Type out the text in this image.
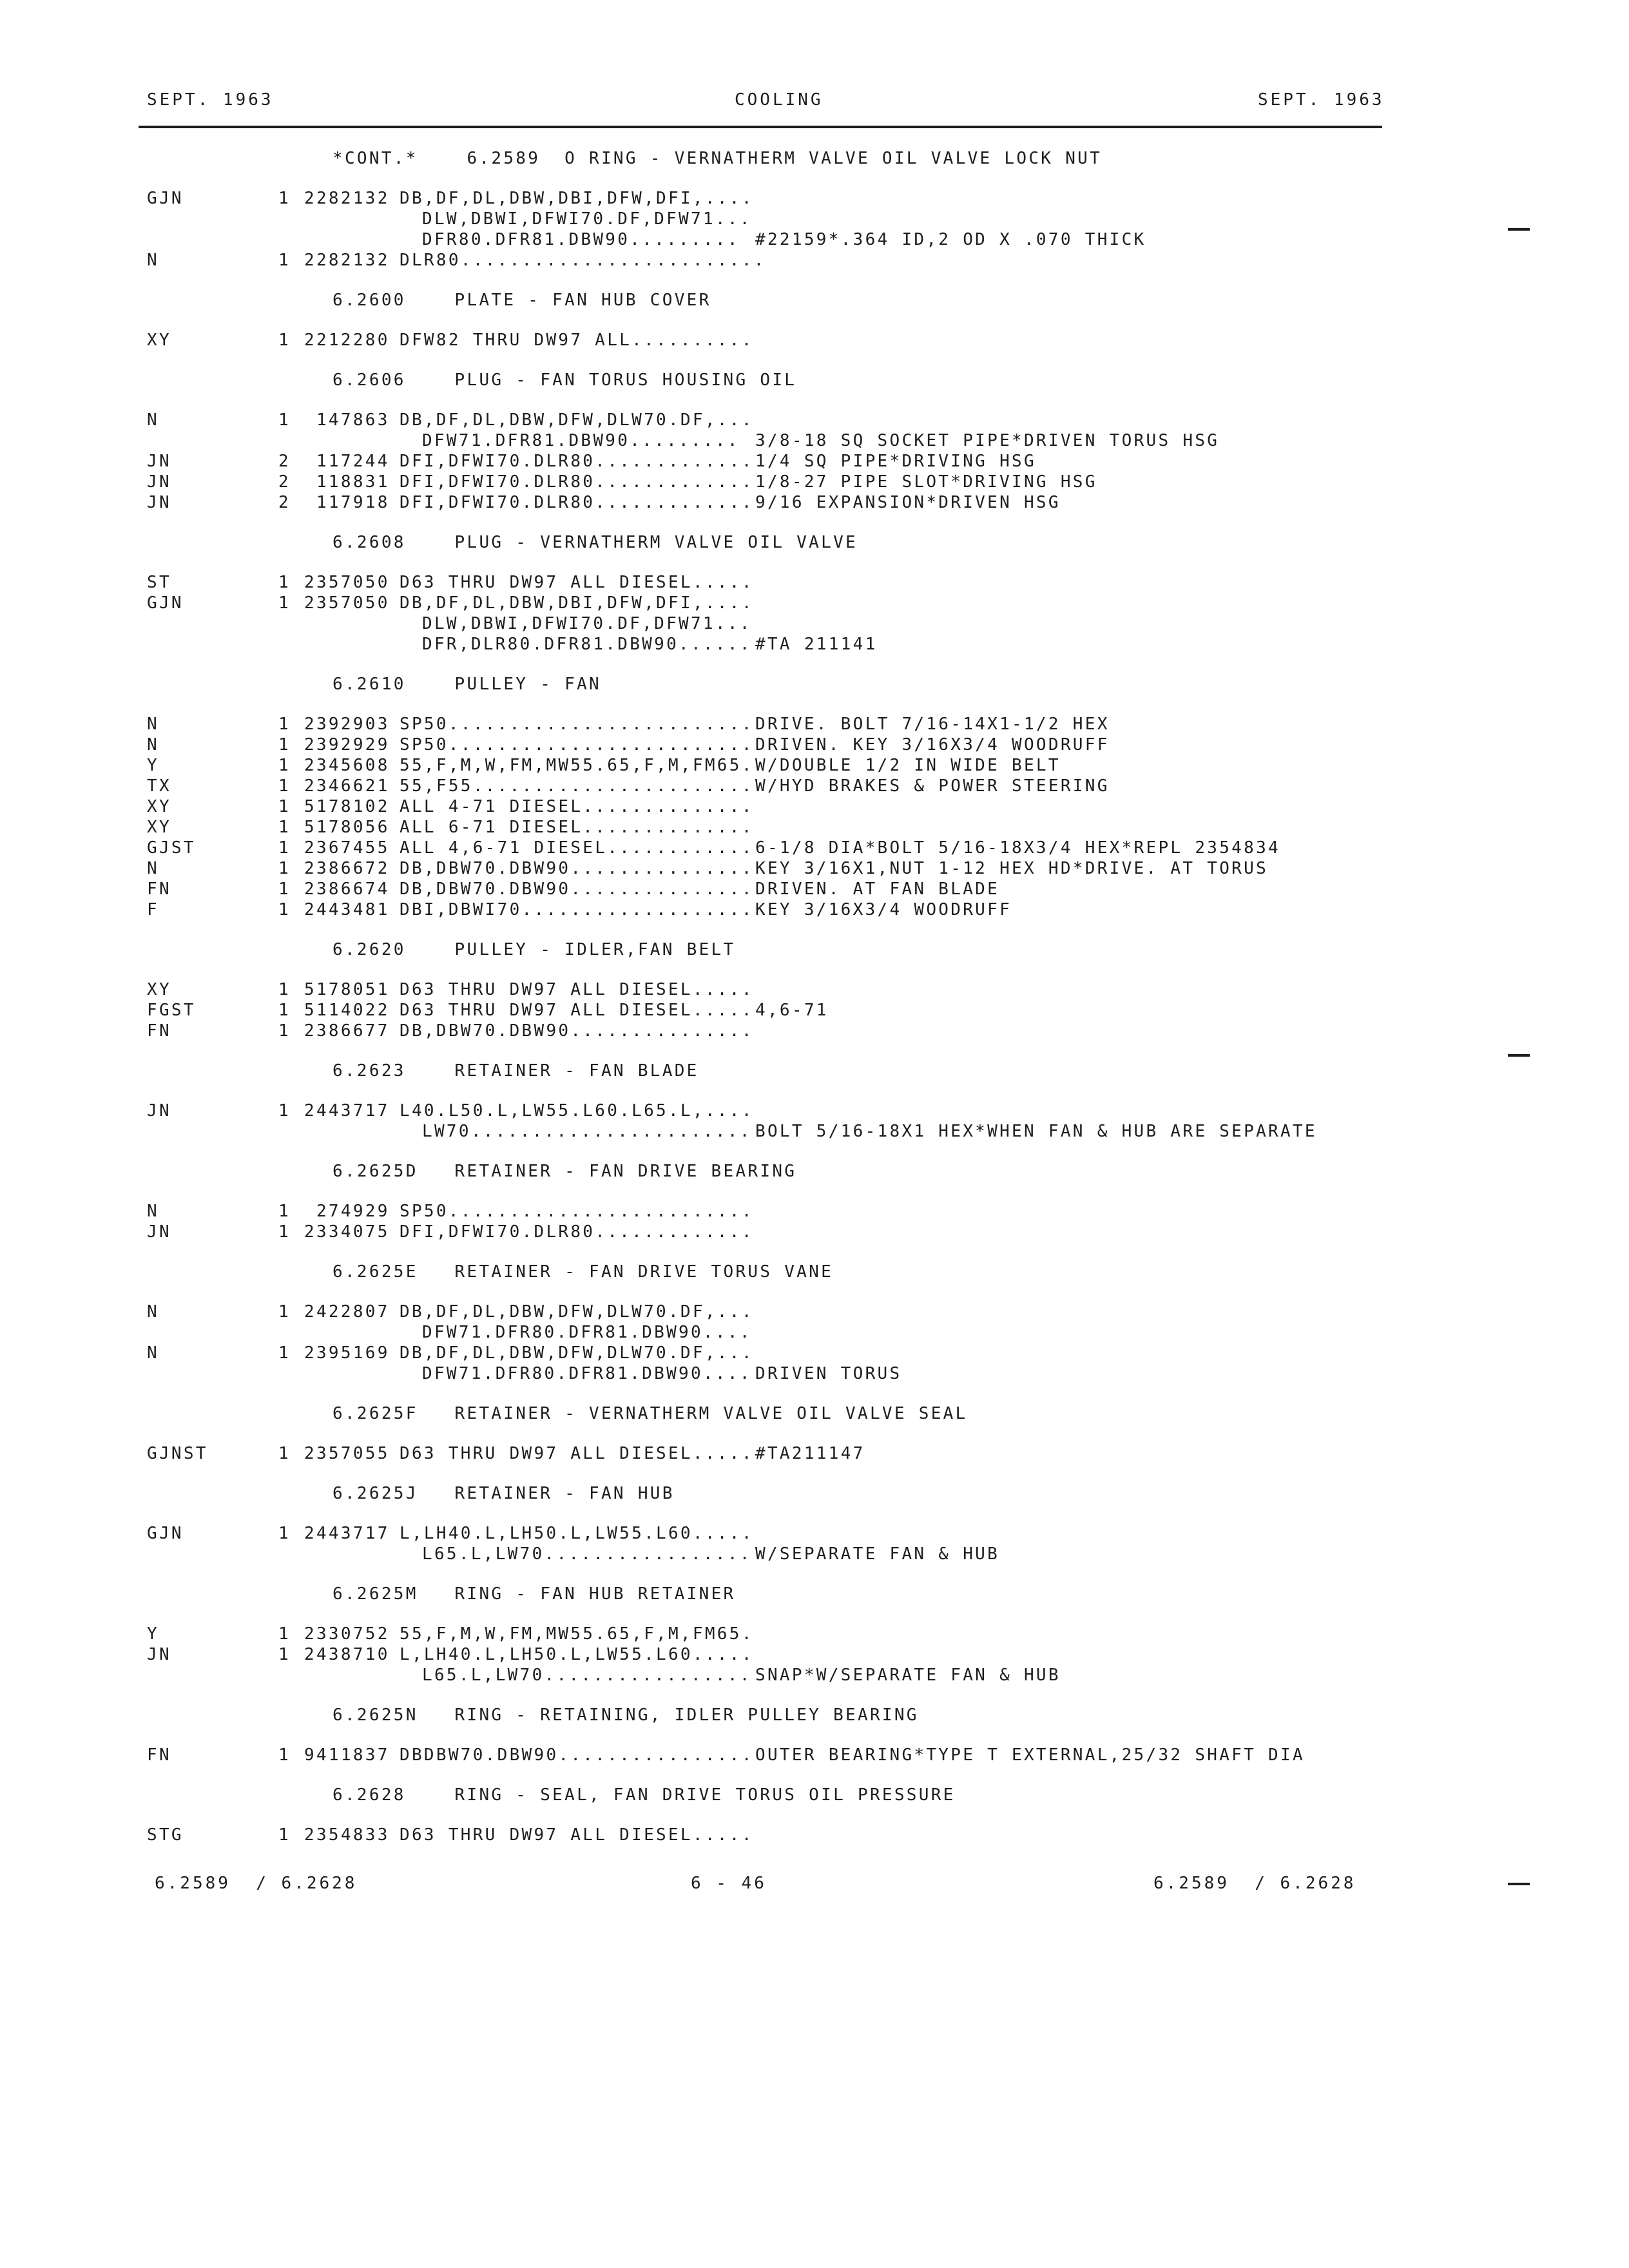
SEPT. 1963	COOLING	SEPT. 1963
*CONT.*    6.2589  O RING - VERNATHERM VALVE OIL VALVE LOCK NUT
GJN	1 2282132 DB,DF,DL,DBW,DBI,DFW,DFI,....
DLW,DBWI,DFWI70.DF,DFW71...
DFR80.DFR81.DBW90......... #22159*.364 ID,2 OD X .070 THICK
N	1 2282132 DLR80.........................
6.2600    PLATE - FAN HUB COVER
XY	1 2212280 DFW82 THRU DW97 ALL..........
6.2606    PLUG - FAN TORUS HOUSING OIL
N	1 147863 DB,DF,DL,DBW,DFW,DLW70.DF,...
DFW71.DFR81.DBW90......... 3/8-18 SQ SOCKET PIPE*DRIVEN TORUS HSG
JN	2 117244 DFI,DFWI70.DLR80............. 1/4 SQ PIPE*DRIVING HSG
JN	2 118831 DFI,DFWI70.DLR80............. 1/8-27 PIPE SLOT*DRIVING HSG
JN	2 117918 DFI,DFWI70.DLR80............. 9/16 EXPANSION*DRIVEN HSG
6.2608    PLUG - VERNATHERM VALVE OIL VALVE
ST	1 2357050 D63 THRU DW97 ALL DIESEL.....
GJN	1 2357050 DB,DF,DL,DBW,DBI,DFW,DFI,....
DLW,DBWI,DFWI70.DF,DFW71...
DFR,DLR80.DFR81.DBW90...... #TA 211141
6.2610    PULLEY - FAN
N	1 2392903 SP50......................... DRIVE. BOLT 7/16-14X1-1/2 HEX
N	1 2392929 SP50......................... DRIVEN. KEY 3/16X3/4 WOODRUFF
Y	1 2345608 55,F,M,W,FM,MW55.65,F,M,FM65. W/DOUBLE 1/2 IN WIDE BELT
TX	1 2346621 55,F55....................... W/HYD BRAKES & POWER STEERING
XY	1 5178102 ALL 4-71 DIESEL..............
XY	1 5178056 ALL 6-71 DIESEL..............
GJST	1 2367455 ALL 4,6-71 DIESEL............ 6-1/8 DIA*BOLT 5/16-18X3/4 HEX*REPL 2354834
N	1 2386672 DB,DBW70.DBW90............... KEY 3/16X1,NUT 1-12 HEX HD*DRIVE. AT TORUS
FN	1 2386674 DB,DBW70.DBW90............... DRIVEN. AT FAN BLADE
F	1 2443481 DBI,DBWI70................... KEY 3/16X3/4 WOODRUFF
6.2620    PULLEY - IDLER,FAN BELT
XY	1 5178051 D63 THRU DW97 ALL DIESEL.....
FGST	1 5114022 D63 THRU DW97 ALL DIESEL..... 4,6-71
FN	1 2386677 DB,DBW70.DBW90...............
6.2623    RETAINER - FAN BLADE
JN	1 2443717 L40.L50.L,LW55.L60.L65.L,....
LW70....................... BOLT 5/16-18X1 HEX*WHEN FAN & HUB ARE SEPARATE
6.2625D   RETAINER - FAN DRIVE BEARING
N	1 274929 SP50.........................
JN	1 2334075 DFI,DFWI70.DLR80.............
6.2625E   RETAINER - FAN DRIVE TORUS VANE
N	1 2422807 DB,DF,DL,DBW,DFW,DLW70.DF,...
DFW71.DFR80.DFR81.DBW90....
N	1 2395169 DB,DF,DL,DBW,DFW,DLW70.DF,...
DFW71.DFR80.DFR81.DBW90.... DRIVEN TORUS
6.2625F   RETAINER - VERNATHERM VALVE OIL VALVE SEAL
GJNST	1 2357055 D63 THRU DW97 ALL DIESEL..... #TA211147
6.2625J   RETAINER - FAN HUB
GJN	1 2443717 L,LH40.L,LH50.L,LW55.L60.....
L65.L,LW70................. W/SEPARATE FAN & HUB
6.2625M   RING - FAN HUB RETAINER
Y	1 2330752 55,F,M,W,FM,MW55.65,F,M,FM65.
JN	1 2438710 L,LH40.L,LH50.L,LW55.L60.....
L65.L,LW70................. SNAP*W/SEPARATE FAN & HUB
6.2625N   RING - RETAINING, IDLER PULLEY BEARING
FN	1 9411837 DBDBW70.DBW90................ OUTER BEARING*TYPE T EXTERNAL,25/32 SHAFT DIA
6.2628    RING - SEAL, FAN DRIVE TORUS OIL PRESSURE
STG	1 2354833 D63 THRU DW97 ALL DIESEL.....
6.2589  / 6.2628	6 - 46	6.2589  / 6.2628
